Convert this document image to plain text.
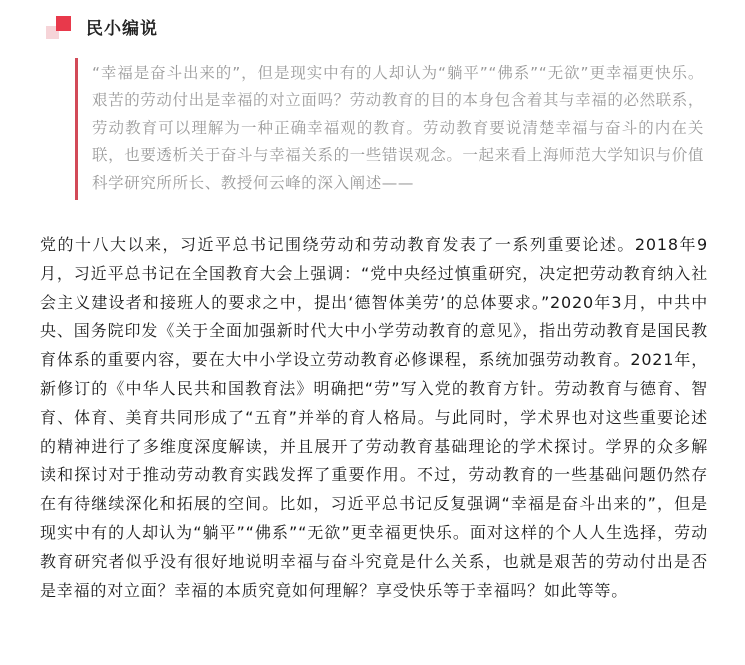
民小编说

“幸福是奋斗出来的”，但是现实中有的人却认为“躺平”“佛系”“无欲”更幸福更快乐。艰苦的劳动付出是幸福的对立面吗？劳动教育的目的本身包含着其与幸福的必然联系，劳动教育可以理解为一种正确幸福观的教育。劳动教育要说清楚幸福与奋斗的内在关联，也要透析关于奋斗与幸福关系的一些错误观念。一起来看上海师范大学知识与价值科学研究所所长、教授何云峰的深入阐述——

党的十八大以来，习近平总书记围绕劳动和劳动教育发表了一系列重要论述。2018年9月，习近平总书记在全国教育大会上强调：“党中央经过慎重研究，决定把劳动教育纳入社会主义建设者和接班人的要求之中，提出‘德智体美劳’的总体要求。”2020年3月，中共中央、国务院印发《关于全面加强新时代大中小学劳动教育的意见》，指出劳动教育是国民教育体系的重要内容，要在大中小学设立劳动教育必修课程，系统加强劳动教育。2021年，新修订的《中华人民共和国教育法》明确把“劳”写入党的教育方针。劳动教育与德育、智育、体育、美育共同形成了“五育”并举的育人格局。与此同时，学术界也对这些重要论述的精神进行了多维度深度解读，并且展开了劳动教育基础理论的学术探讨。学界的众多解读和探讨对于推动劳动教育实践发挥了重要作用。不过，劳动教育的一些基础问题仍然存在有待继续深化和拓展的空间。比如，习近平总书记反复强调“幸福是奋斗出来的”，但是现实中有的人却认为“躺平”“佛系”“无欲”更幸福更快乐。面对这样的个人人生选择，劳动教育研究者似乎没有很好地说明幸福与奋斗究竟是什么关系，也就是艰苦的劳动付出是否是幸福的对立面？幸福的本质究竟如何理解？享受快乐等于幸福吗？如此等等。
